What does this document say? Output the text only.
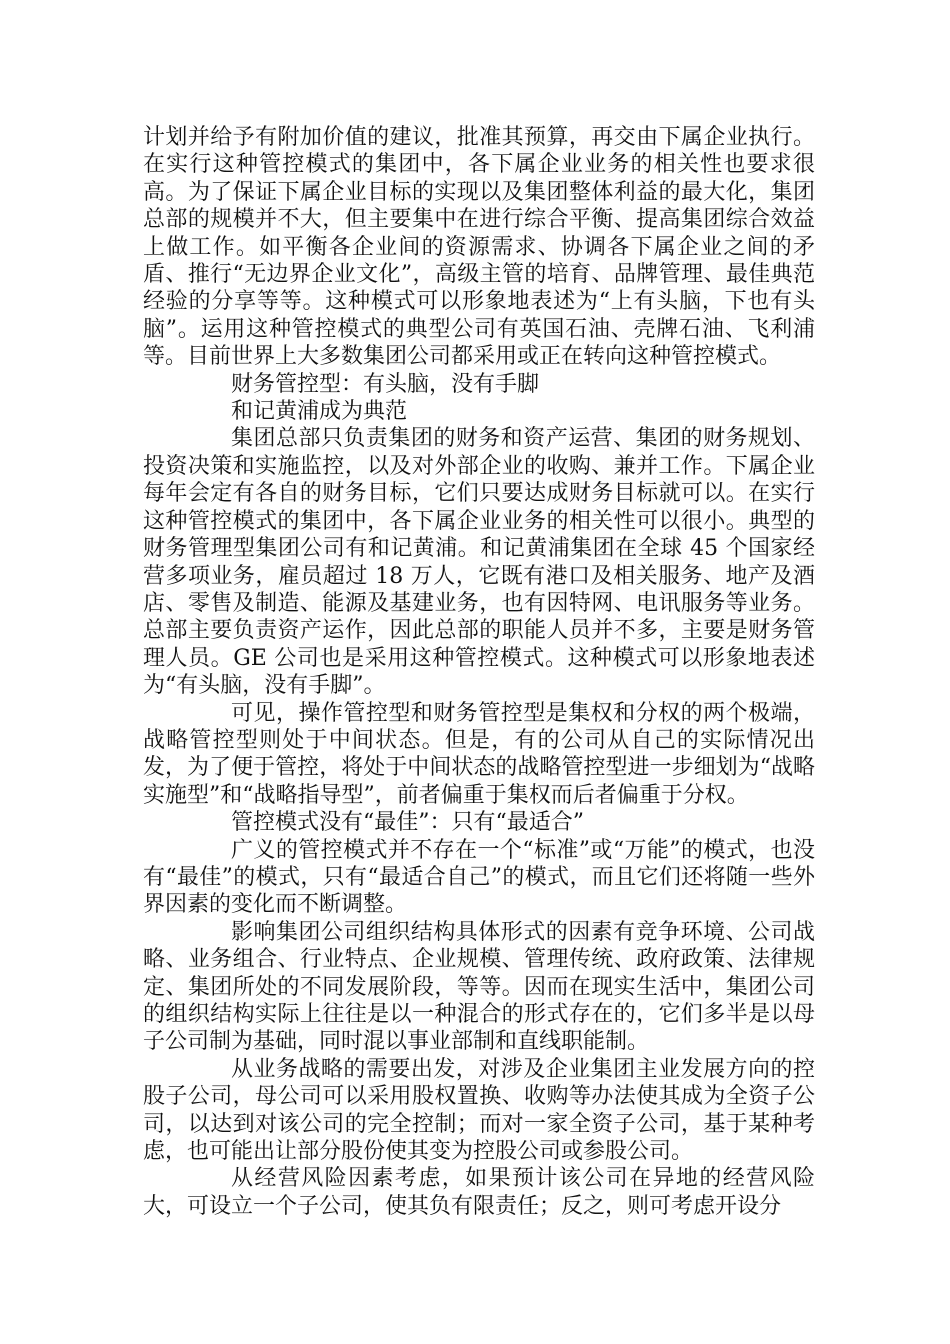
计划并给予有附加价值的建议，批准其预算，再交由下属企业执行。在实行这种管控模式的集团中，各下属企业业务的相关性也要求很高。为了保证下属企业目标的实现以及集团整体利益的最大化，集团总部的规模并不大，但主要集中在进行综合平衡、提高集团综合效益上做工作。如平衡各企业间的资源需求、协调各下属企业之间的矛盾、推行“无边界企业文化”，高级主管的培育、品牌管理、最佳典范经验的分享等等。这种模式可以形象地表述为“上有头脑，下也有头脑”。运用这种管控模式的典型公司有英国石油、壳牌石油、飞利浦等。目前世界上大多数集团公司都采用或正在转向这种管控模式。

财务管控型：有头脑，没有手脚

和记黄浦成为典范

集团总部只负责集团的财务和资产运营、集团的财务规划、投资决策和实施监控，以及对外部企业的收购、兼并工作。下属企业每年会定有各自的财务目标，它们只要达成财务目标就可以。在实行这种管控模式的集团中，各下属企业业务的相关性可以很小。典型的财务管理型集团公司有和记黄浦。和记黄浦集团在全球 45 个国家经营多项业务，雇员超过 18 万人，它既有港口及相关服务、地产及酒店、零售及制造、能源及基建业务，也有因特网、电讯服务等业务。总部主要负责资产运作，因此总部的职能人员并不多，主要是财务管理人员。GE 公司也是采用这种管控模式。这种模式可以形象地表述为“有头脑，没有手脚”。

可见，操作管控型和财务管控型是集权和分权的两个极端，战略管控型则处于中间状态。但是，有的公司从自己的实际情况出发，为了便于管控，将处于中间状态的战略管控型进一步细划为“战略实施型”和“战略指导型”，前者偏重于集权而后者偏重于分权。

管控模式没有“最佳”：只有“最适合”

广义的管控模式并不存在一个“标准”或“万能”的模式，也没有“最佳”的模式，只有“最适合自己”的模式，而且它们还将随一些外界因素的变化而不断调整。

影响集团公司组织结构具体形式的因素有竞争环境、公司战略、业务组合、行业特点、企业规模、管理传统、政府政策、法律规定、集团所处的不同发展阶段，等等。因而在现实生活中，集团公司的组织结构实际上往往是以一种混合的形式存在的，它们多半是以母子公司制为基础，同时混以事业部制和直线职能制。

从业务战略的需要出发，对涉及企业集团主业发展方向的控股子公司，母公司可以采用股权置换、收购等办法使其成为全资子公司，以达到对该公司的完全控制；而对一家全资子公司，基于某种考虑，也可能出让部分股份使其变为控股公司或参股公司。

从经营风险因素考虑，如果预计该公司在异地的经营风险大，可设立一个子公司，使其负有限责任；反之，则可考虑开设分
